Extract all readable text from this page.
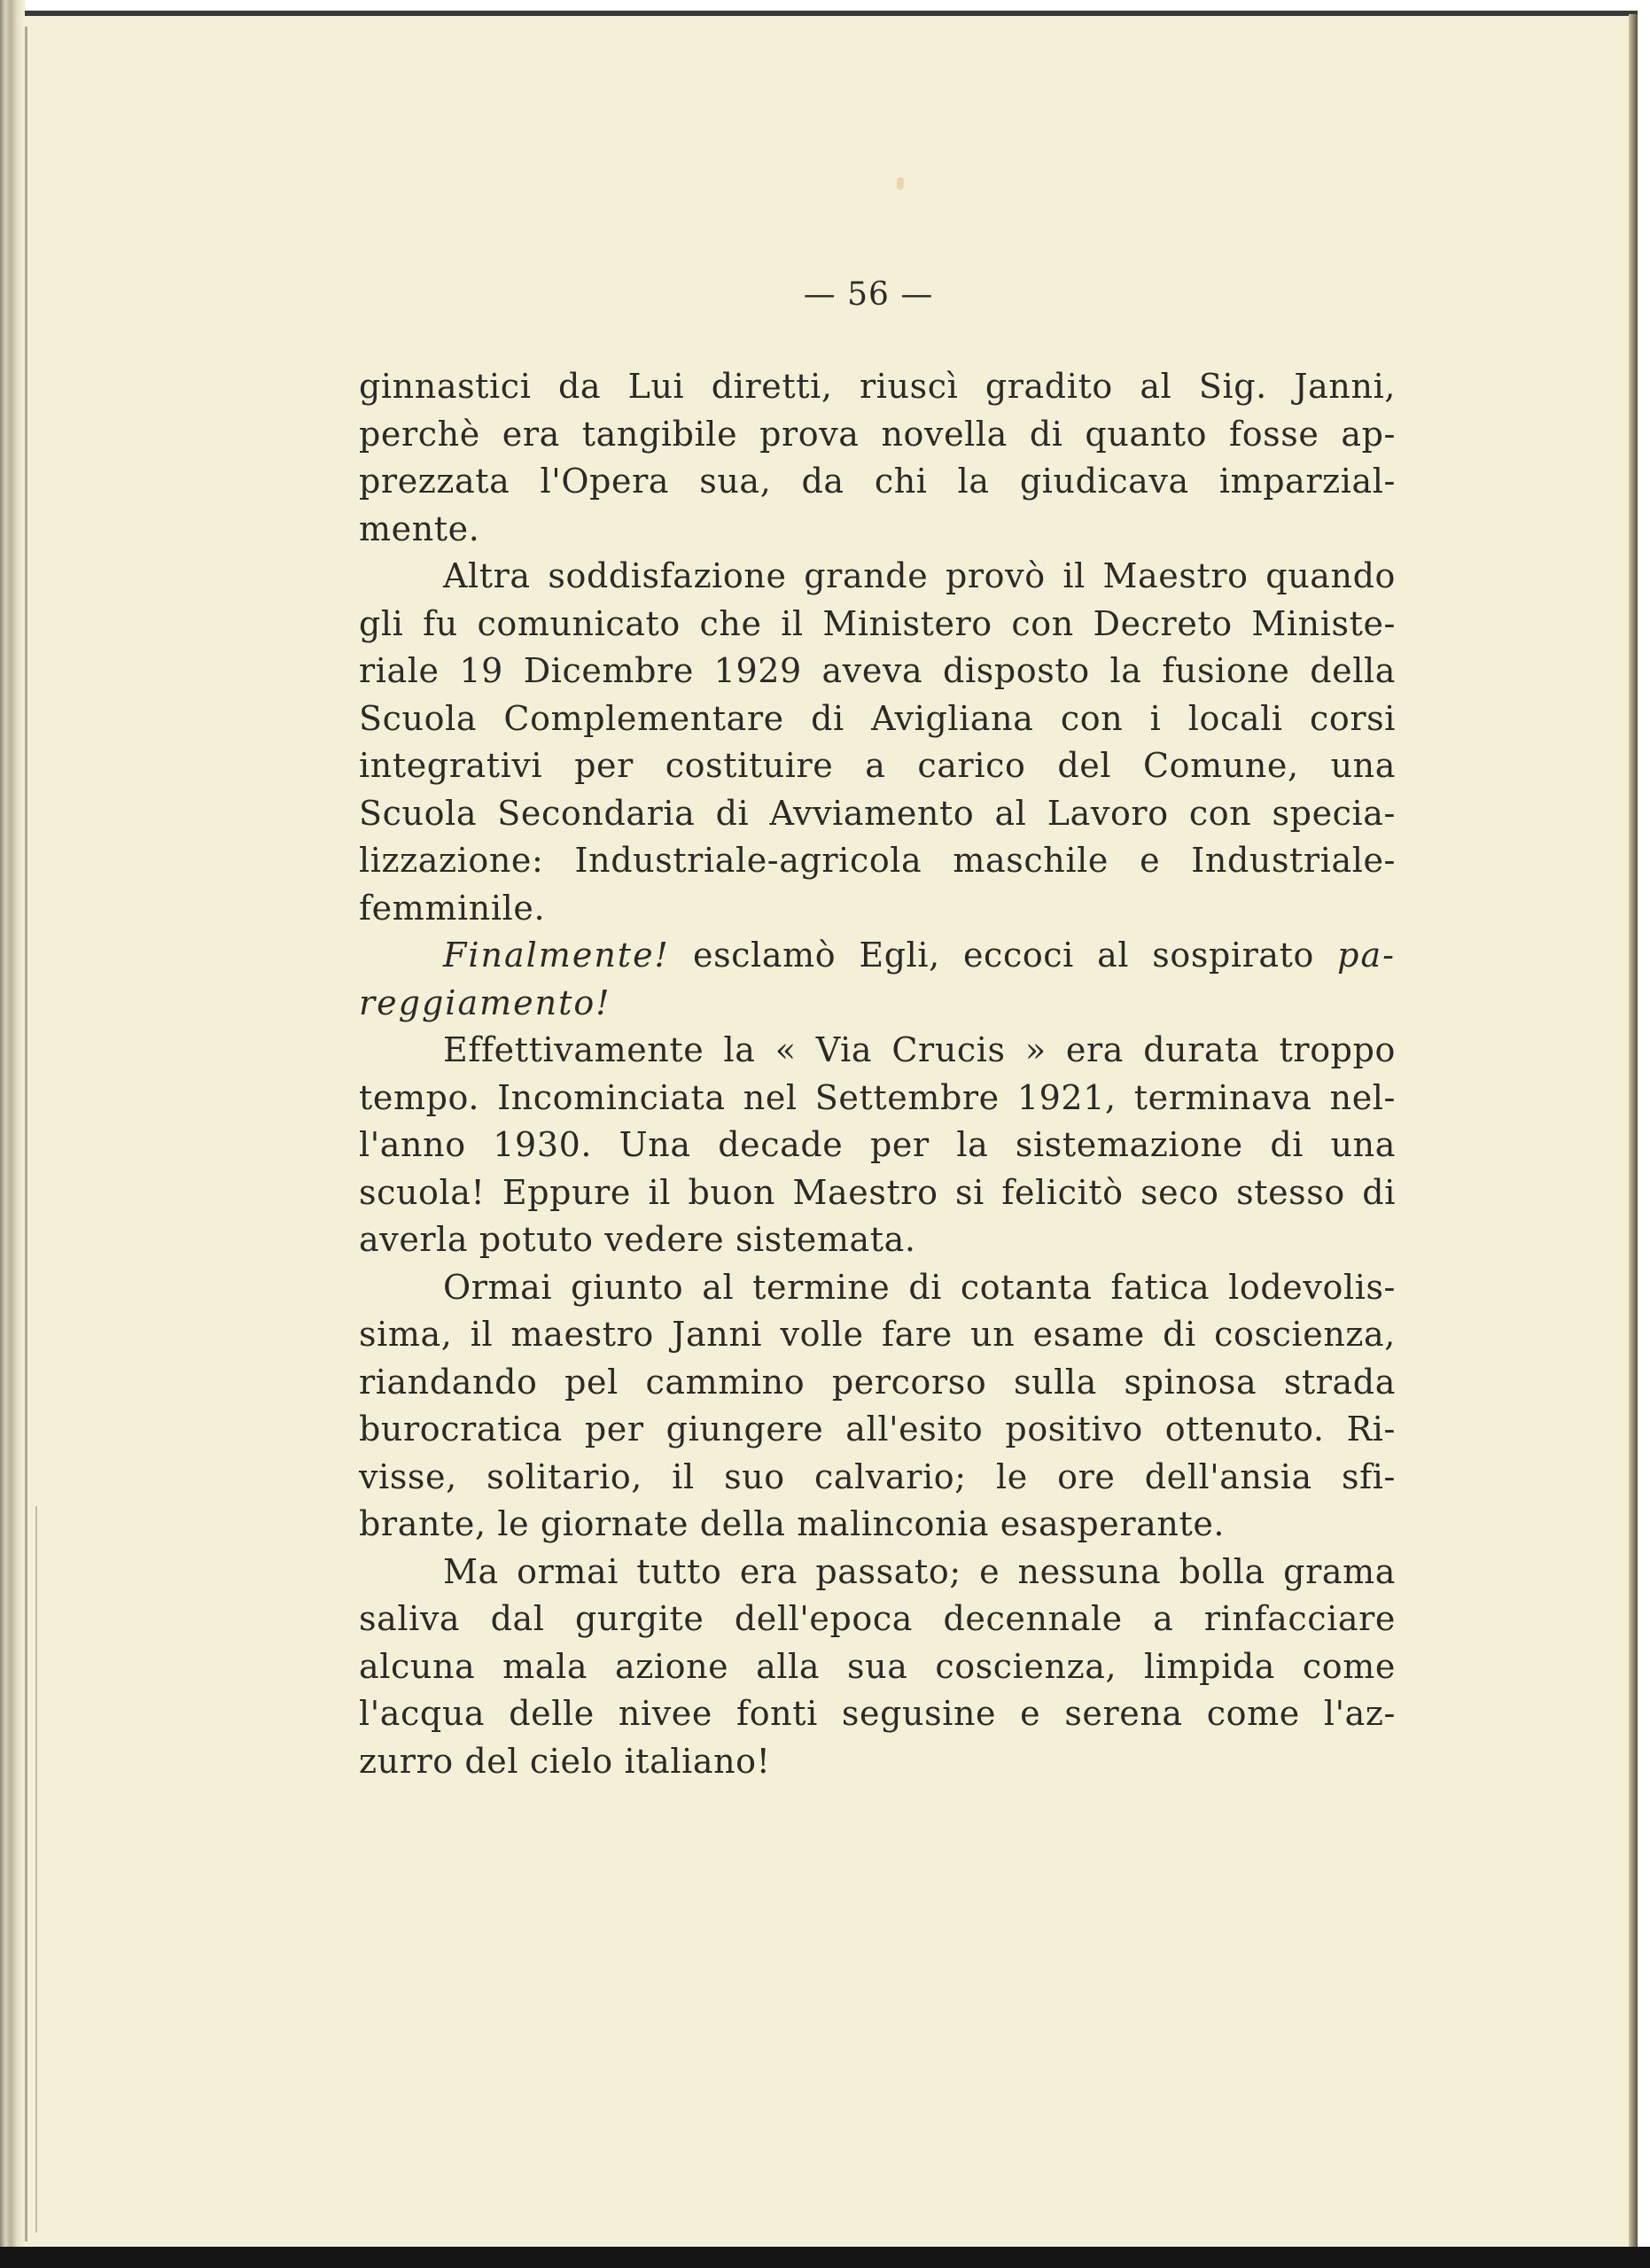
— 56 —
ginnastici da Lui diretti, riuscì gradito al Sig. Janni,
perchè era tangibile prova novella di quanto fosse ap-
prezzata l'Opera sua, da chi la giudicava imparzial-
mente.
Altra soddisfazione grande provò il Maestro quando
gli fu comunicato che il Ministero con Decreto Ministe-
riale 19 Dicembre 1929 aveva disposto la fusione della
Scuola Complementare di Avigliana con i locali corsi
integrativi per costituire a carico del Comune, una
Scuola Secondaria di Avviamento al Lavoro con specia-
lizzazione: Industriale-agricola maschile e Industriale-
femminile.
Finalmente! esclamò Egli, eccoci al sospirato pa-
reggiamento!
Effettivamente la « Via Crucis » era durata troppo
tempo. Incominciata nel Settembre 1921, terminava nel-
l'anno 1930. Una decade per la sistemazione di una
scuola! Eppure il buon Maestro si felicitò seco stesso di
averla potuto vedere sistemata.
Ormai giunto al termine di cotanta fatica lodevolis-
sima, il maestro Janni volle fare un esame di coscienza,
riandando pel cammino percorso sulla spinosa strada
burocratica per giungere all'esito positivo ottenuto. Ri-
visse, solitario, il suo calvario; le ore dell'ansia sfi-
brante, le giornate della malinconia esasperante.
Ma ormai tutto era passato; e nessuna bolla grama
saliva dal gurgite dell'epoca decennale a rinfacciare
alcuna mala azione alla sua coscienza, limpida come
l'acqua delle nivee fonti segusine e serena come l'az-
zurro del cielo italiano!
